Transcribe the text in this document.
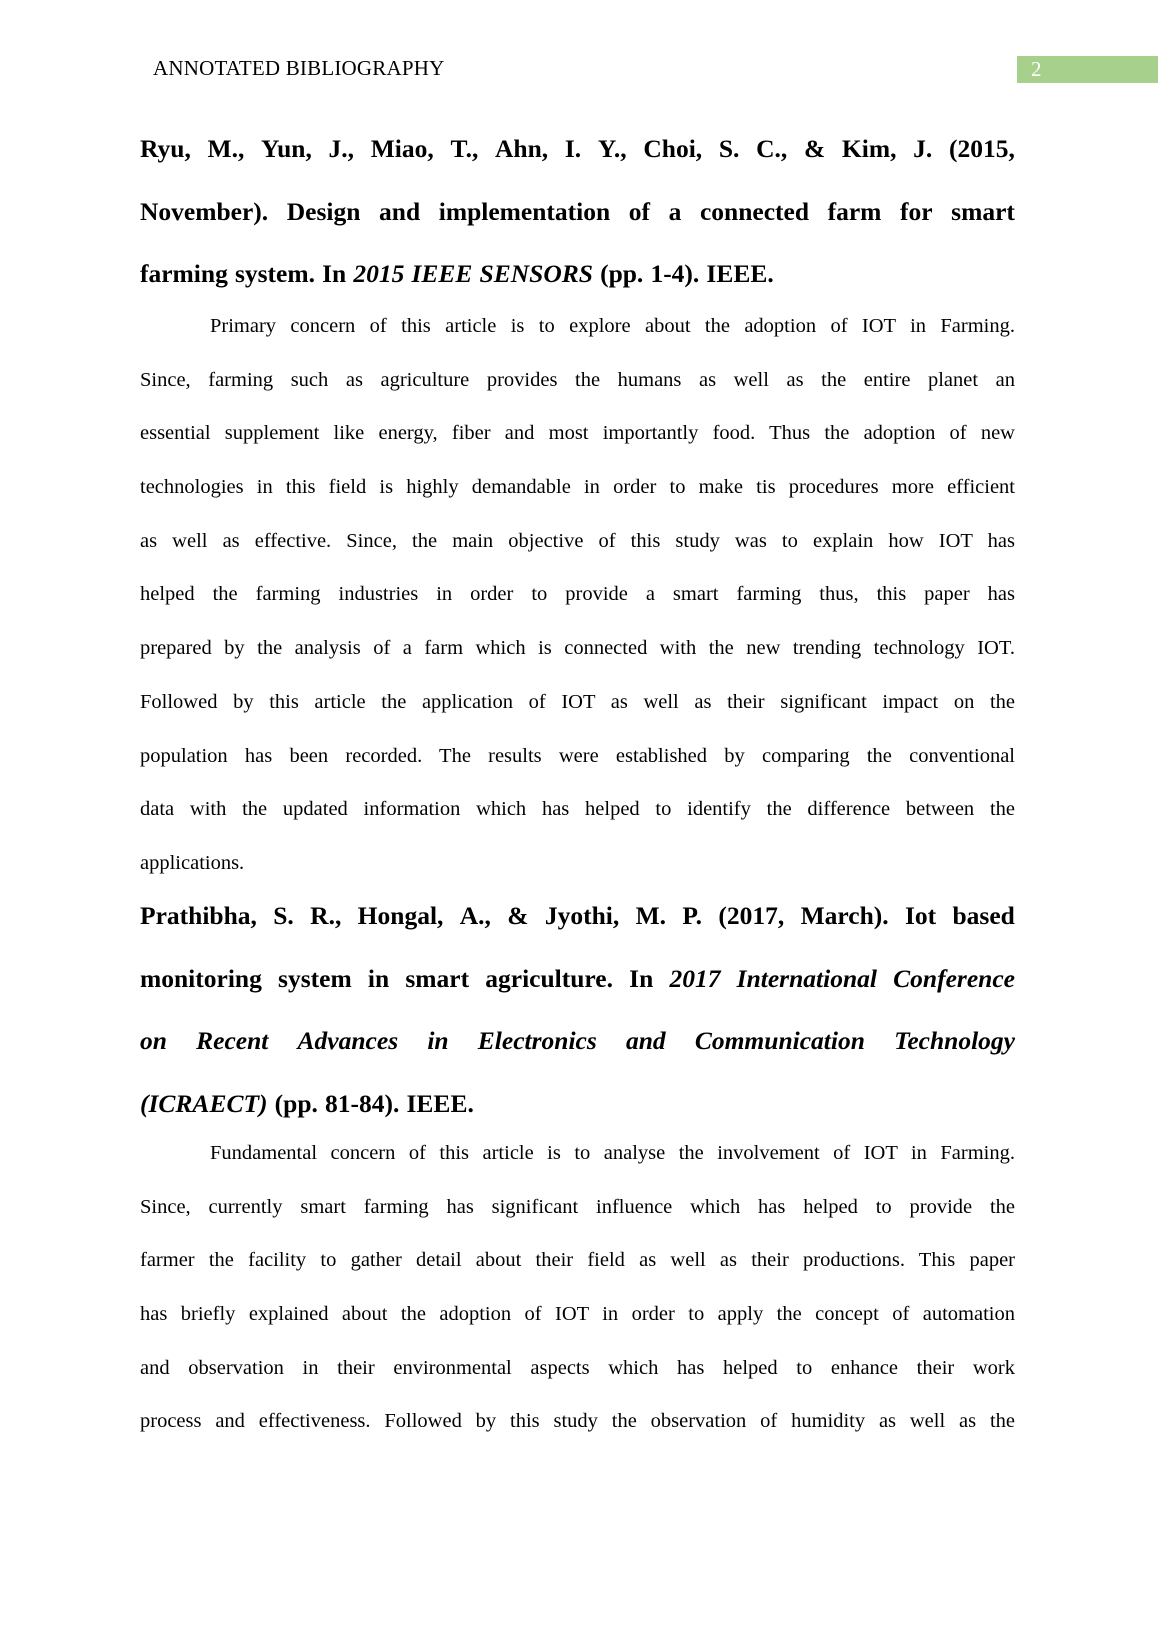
ANNOTATED BIBLIOGRAPHY	2
Ryu, M., Yun, J., Miao, T., Ahn, I. Y., Choi, S. C., & Kim, J. (2015,
November). Design and implementation of a connected farm for smart
farming system. In 2015 IEEE SENSORS (pp. 1-4). IEEE.
Primary concern of this article is to explore about the adoption of IOT in Farming.
Since, farming such as agriculture provides the humans as well as the entire planet an
essential supplement like energy, fiber and most importantly food. Thus the adoption of new
technologies in this field is highly demandable in order to make tis procedures more efficient
as well as effective. Since, the main objective of this study was to explain how IOT has
helped the farming industries in order to provide a smart farming thus, this paper has
prepared by the analysis of a farm which is connected with the new trending technology IOT.
Followed by this article the application of IOT as well as their significant impact on the
population has been recorded. The results were established by comparing the conventional
data with the updated information which has helped to identify the difference between the
applications.
Prathibha, S. R., Hongal, A., & Jyothi, M. P. (2017, March). Iot based
monitoring system in smart agriculture. In 2017 International Conference
on Recent Advances in Electronics and Communication Technology
(ICRAECT) (pp. 81-84). IEEE.
Fundamental concern of this article is to analyse the involvement of IOT in Farming.
Since, currently smart farming has significant influence which has helped to provide the
farmer the facility to gather detail about their field as well as their productions. This paper
has briefly explained about the adoption of IOT in order to apply the concept of automation
and observation in their environmental aspects which has helped to enhance their work
process and effectiveness. Followed by this study the observation of humidity as well as the
